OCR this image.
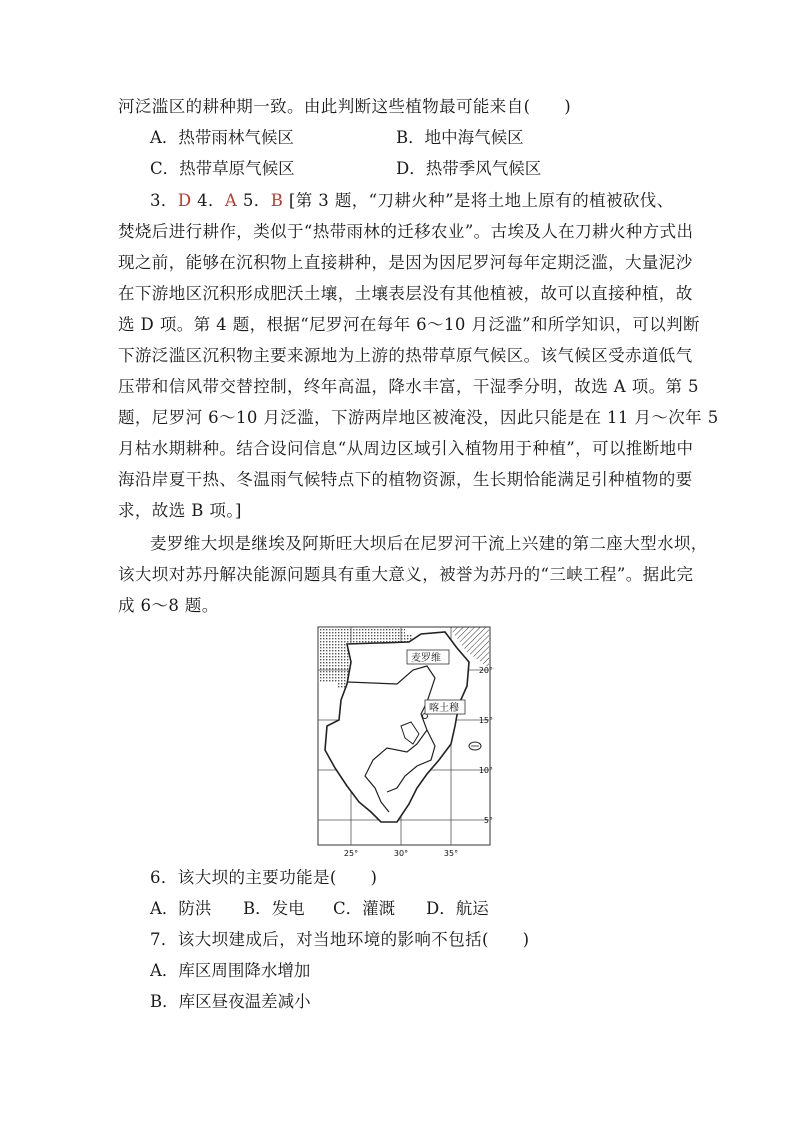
河泛滥区的耕种期一致。由此判断这些植物最可能来自(　　)
A．热带雨林气候区	B．地中海气候区
C．热带草原气候区	D．热带季风气候区
3．D 4．A 5．B [第 3 题，“刀耕火种”是将土地上原有的植被砍伐、
焚烧后进行耕作，类似于“热带雨林的迁移农业”。古埃及人在刀耕火种方式出
现之前，能够在沉积物上直接耕种，是因为因尼罗河每年定期泛滥，大量泥沙
在下游地区沉积形成肥沃土壤，土壤表层没有其他植被，故可以直接种植，故
选 D 项。第 4 题，根据“尼罗河在每年 6～10 月泛滥”和所学知识，可以判断
下游泛滥区沉积物主要来源地为上游的热带草原气候区。该气候区受赤道低气
压带和信风带交替控制，终年高温，降水丰富，干湿季分明，故选 A 项。第 5
题，尼罗河 6～10 月泛滥，下游两岸地区被淹没，因此只能是在 11 月～次年 5
月枯水期耕种。结合设问信息“从周边区域引入植物用于种植”，可以推断地中
海沿岸夏干热、冬温雨气候特点下的植物资源，生长期恰能满足引种植物的要
求，故选 B 项。]
麦罗维大坝是继埃及阿斯旺大坝后在尼罗河干流上兴建的第二座大型水坝，
该大坝对苏丹解决能源问题具有重大意义，被誉为苏丹的“三峡工程”。据此完
成 6～8 题。
麦罗维
喀土穆
20°
15°
10°
5°
25°	30°	35°
6．该大坝的主要功能是(　　)
A．防洪 B．发电 C．灌溉 D．航运
7．该大坝建成后，对当地环境的影响不包括(　　)
A．库区周围降水增加
B．库区昼夜温差减小
